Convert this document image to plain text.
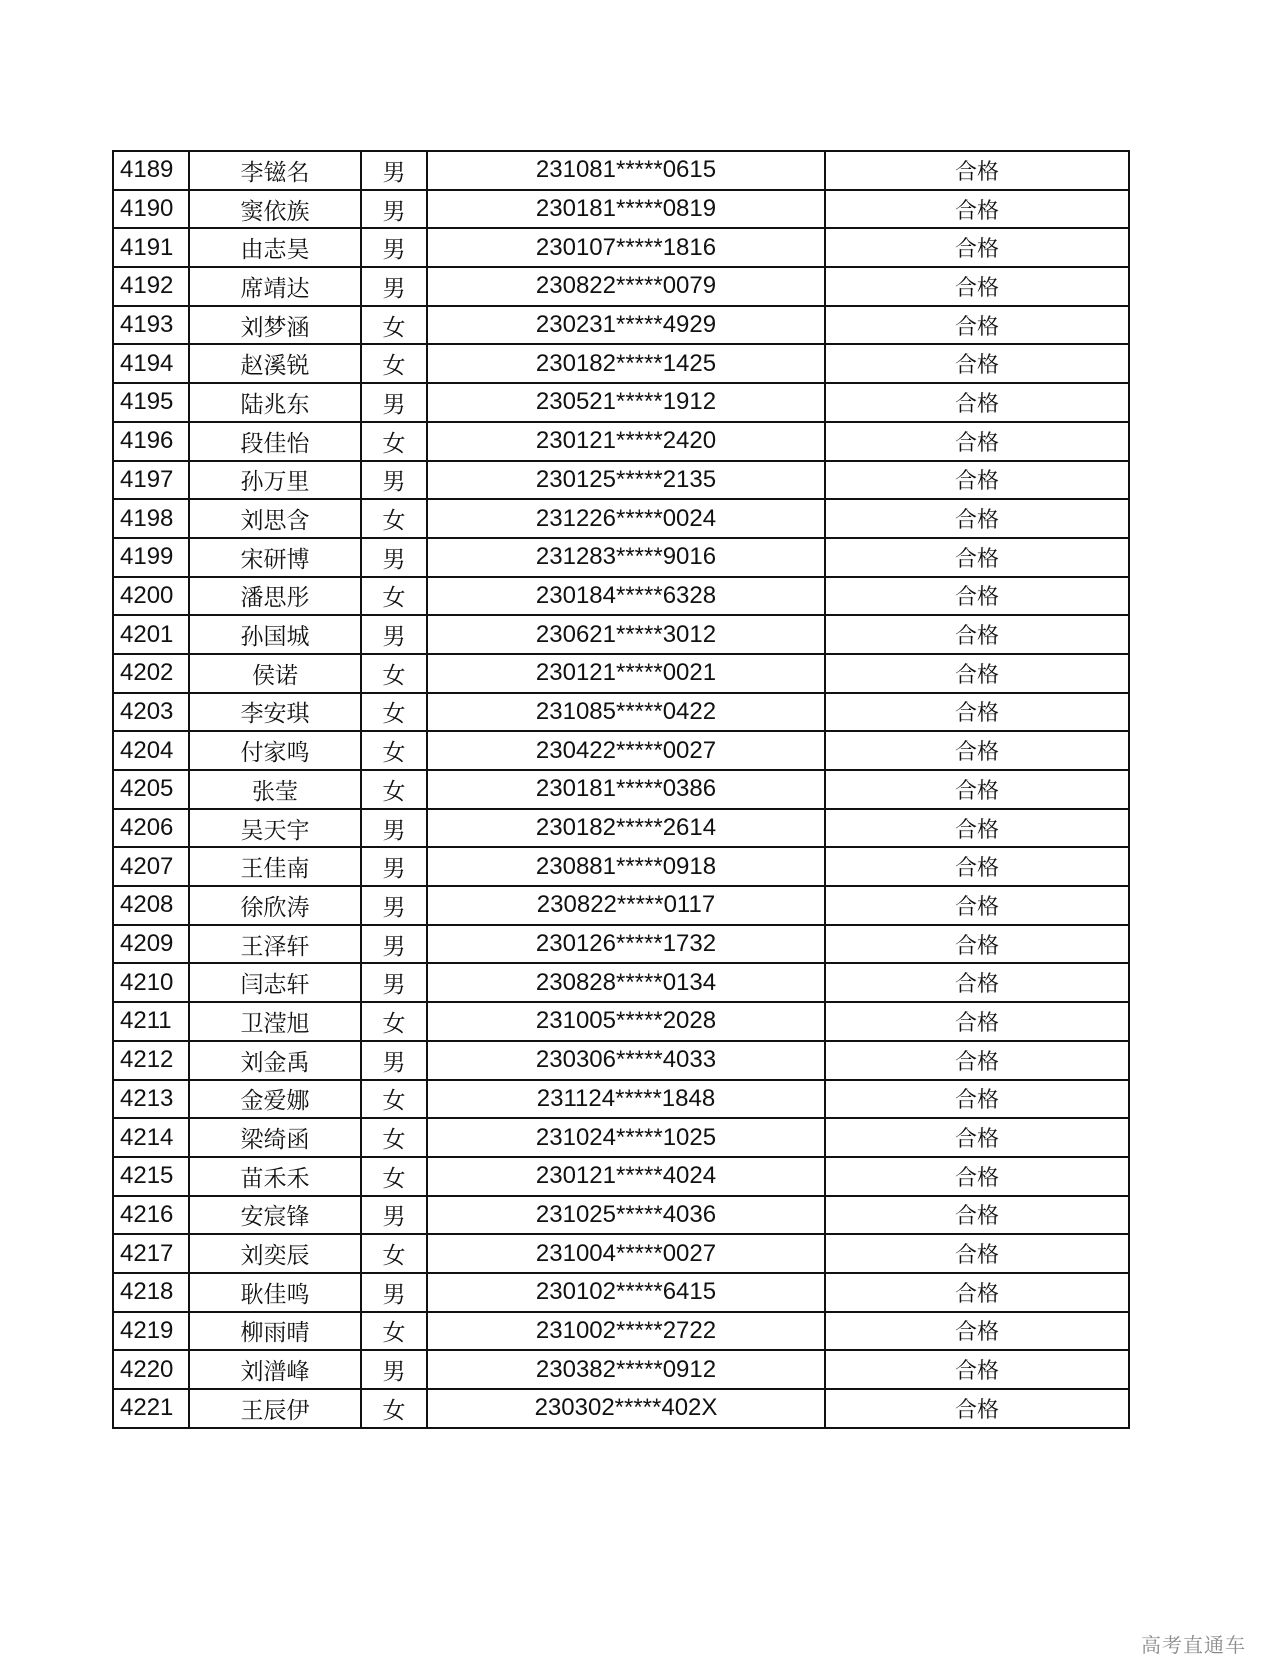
4189	李镃名	男	231081*****0615	合格
4190	窦依族	男	230181*****0819	合格
4191	由志昊	男	230107*****1816	合格
4192	席靖达	男	230822*****0079	合格
4193	刘梦涵	女	230231*****4929	合格
4194	赵溪锐	女	230182*****1425	合格
4195	陆兆东	男	230521*****1912	合格
4196	段佳怡	女	230121*****2420	合格
4197	孙万里	男	230125*****2135	合格
4198	刘思含	女	231226*****0024	合格
4199	宋研博	男	231283*****9016	合格
4200	潘思彤	女	230184*****6328	合格
4201	孙国城	男	230621*****3012	合格
4202	侯诺	女	230121*****0021	合格
4203	李安琪	女	231085*****0422	合格
4204	付家鸣	女	230422*****0027	合格
4205	张莹	女	230181*****0386	合格
4206	吴天宇	男	230182*****2614	合格
4207	王佳南	男	230881*****0918	合格
4208	徐欣涛	男	230822*****0117	合格
4209	王泽轩	男	230126*****1732	合格
4210	闫志轩	男	230828*****0134	合格
4211	卫滢旭	女	231005*****2028	合格
4212	刘金禹	男	230306*****4033	合格
4213	金爱娜	女	231124*****1848	合格
4214	梁绮函	女	231024*****1025	合格
4215	苗禾禾	女	230121*****4024	合格
4216	安宸锋	男	231025*****4036	合格
4217	刘奕辰	女	231004*****0027	合格
4218	耿佳鸣	男	230102*****6415	合格
4219	柳雨晴	女	231002*****2722	合格
4220	刘潽峰	男	230382*****0912	合格
4221	王辰伊	女	230302*****402X	合格
高考直通车
